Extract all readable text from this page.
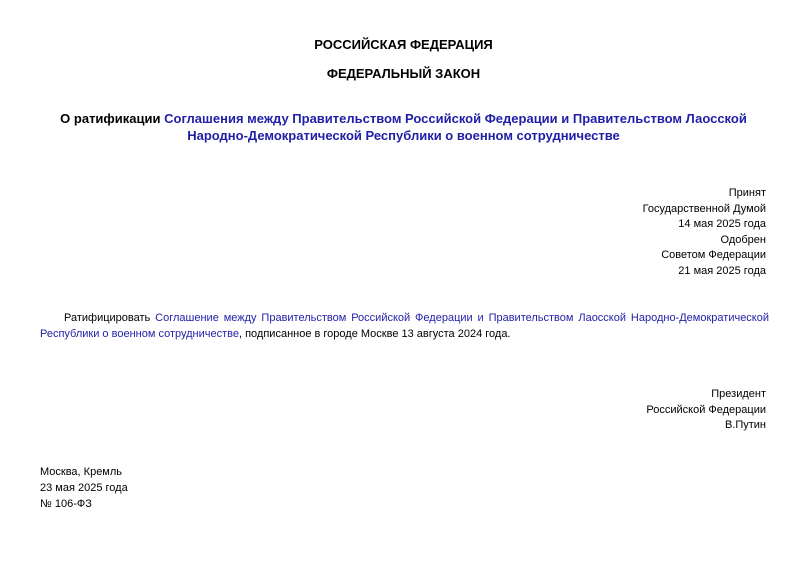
РОССИЙСКАЯ ФЕДЕРАЦИЯ
ФЕДЕРАЛЬНЫЙ ЗАКОН
О ратификации Соглашения между Правительством Российской Федерации и Правительством Лаосской Народно-Демократической Республики о военном сотрудничестве
Принят
Государственной Думой
14 мая 2025 года
Одобрен
Советом Федерации
21 мая 2025 года
Ратифицировать Соглашение между Правительством Российской Федерации и Правительством Лаосской Народно-Демократической Республики о военном сотрудничестве, подписанное в городе Москве 13 августа 2024 года.
Президент
Российской Федерации
В.Путин
Москва, Кремль
23 мая 2025 года
№ 106-ФЗ
